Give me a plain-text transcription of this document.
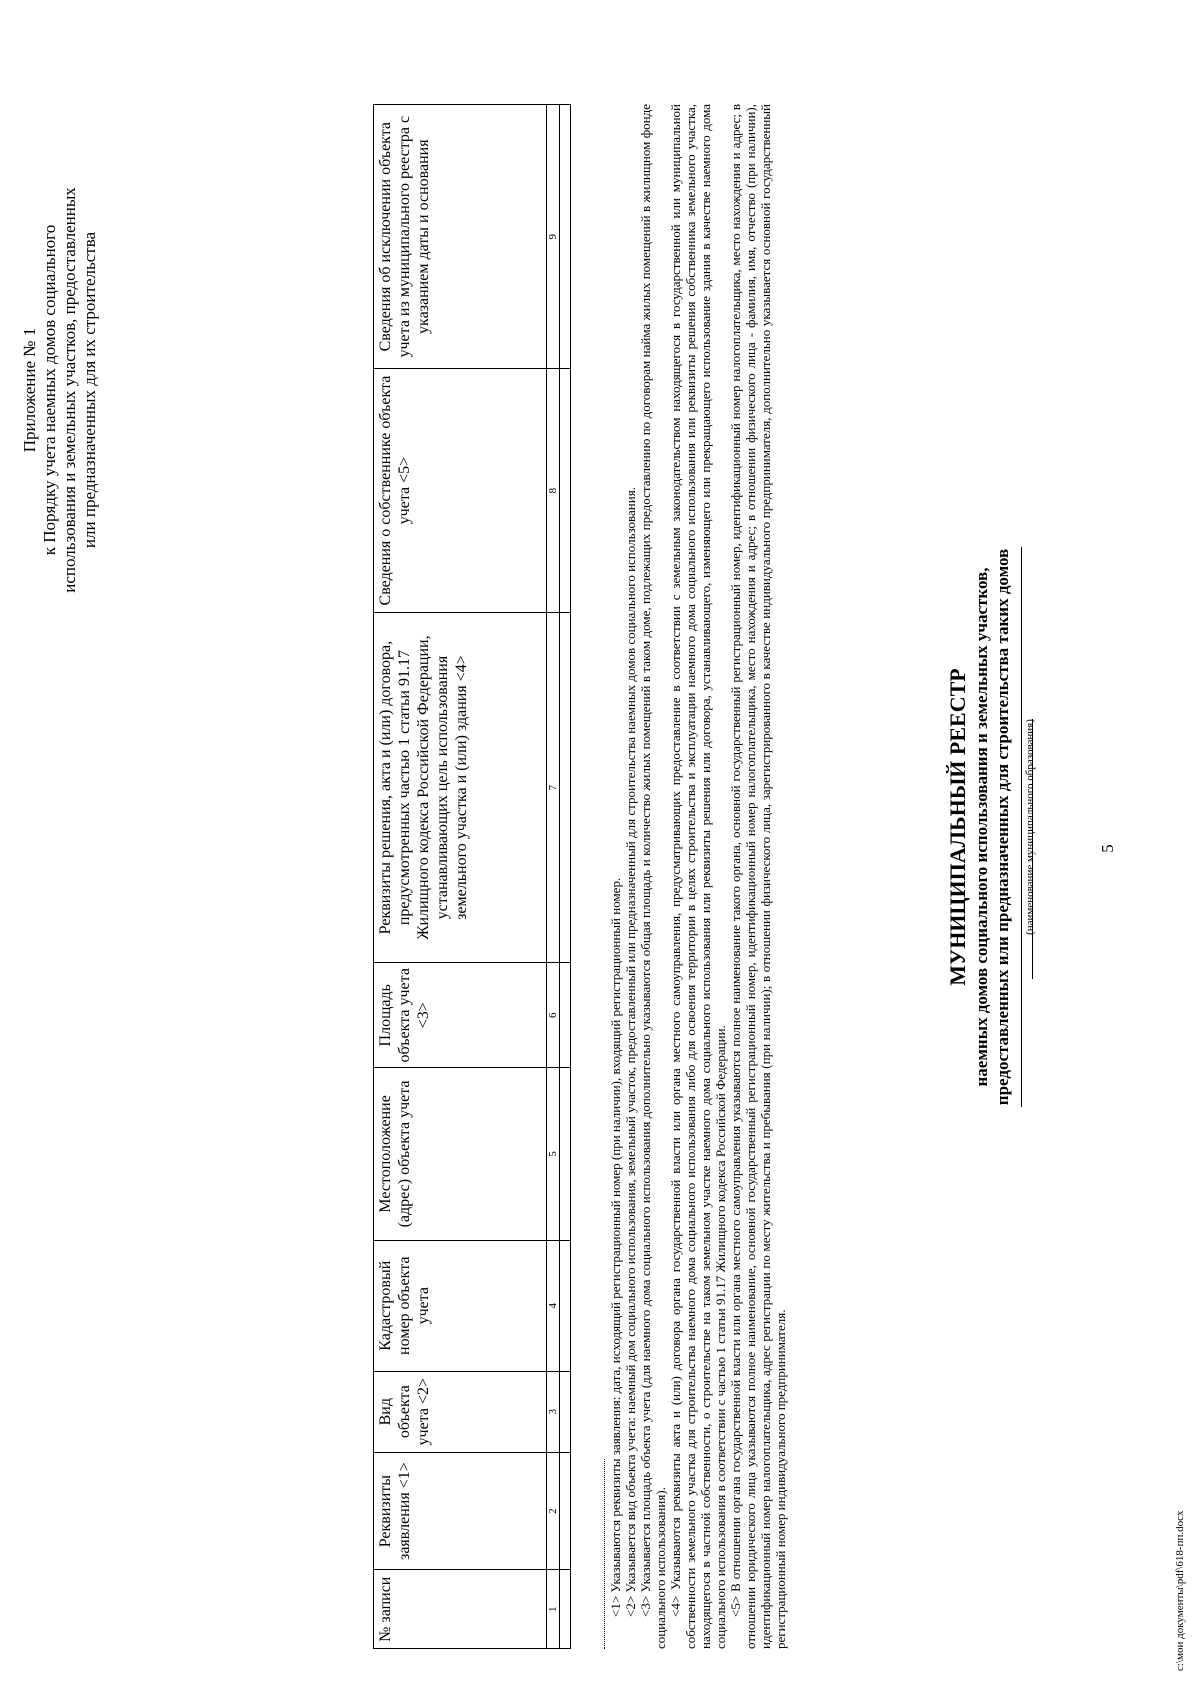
5
Приложение № 1 к Порядку учета наемных домов социального использования и земельных участков, предоставленных или предназначенных для их строительства
МУНИЦИПАЛЬНЫЙ РЕЕСТР наемных домов социального использования и земельных участков, предоставленных или предназначенных для строительства таких домов (наименование муниципального образования)
№ записи	Реквизиты заявления <1>	Вид объекта учета <2>	Кадастровый номер объекта учета	Местоположение (адрес) объекта учета	Площадь объекта учета <3>	Реквизиты решения, акта и (или) договора, предусмотренных частью 1 статьи 91.17 Жилищного кодекса Российской Федерации, устанавливающих цель использования земельного участка и (или) здания <4>	Сведения о собственнике объекта учета <5>	Сведения об исключении объекта учета из муниципального реестра с указанием даты и основания
1	2	3	4	5	6	7	8	9

<1> Указываются реквизиты заявления: дата, исходящий регистрационный номер (при наличии), входящий регистрационный номер. <2> Указывается вид объекта учета: наемный дом социального использования, земельный участок, предоставленный или предназначенный для строительства наемных домов социального использования. <3> Указывается площадь объекта учета (для наемного дома социального использования дополнительно указываются общая площадь и количество жилых помещений в таком доме, подлежащих предоставлению по договорам найма жилых помещений в жилищном фонде социального использования). <4> Указываются реквизиты акта и (или) договора органа государственной власти или органа местного самоуправления, предусматривающих предоставление в соответствии с земельным законодательством находящегося в государственной или муниципальной собственности земельного участка для строительства наемного дома социального использования либо для освоения территории в целях строительства и эксплуатации наемного дома социального использования или реквизиты решения собственника земельного участка, находящегося в частной собственности, о строительстве на таком земельном участке наемного дома социального использования или реквизиты решения или договора, устанавливающего, изменяющего или прекращающего использование здания в качестве наемного дома социального использования в соответствии с частью 1 статьи 91.17 Жилищного кодекса Российской Федерации. <5> В отношении органа государственной власти или органа местного самоуправления указываются полное наименование такого органа, основной государственный регистрационный номер, идентификационный номер налогоплательщика, место нахождения и адрес; в отношении юридического лица указываются полное наименование, основной государственный регистрационный номер, идентификационный номер налогоплательщика, место нахождения и адрес; в отношении физического лица - фамилия, имя, отчество (при наличии), идентификационный номер налогоплательщика, адрес регистрации по месту жительства и пребывания (при наличии); в отношении физического лица, зарегистрированного в качестве индивидуального предпринимателя, дополнительно указывается основной государственный регистрационный номер индивидуального предпринимателя.	c:\мои документы\pdf\618-пп.docx
